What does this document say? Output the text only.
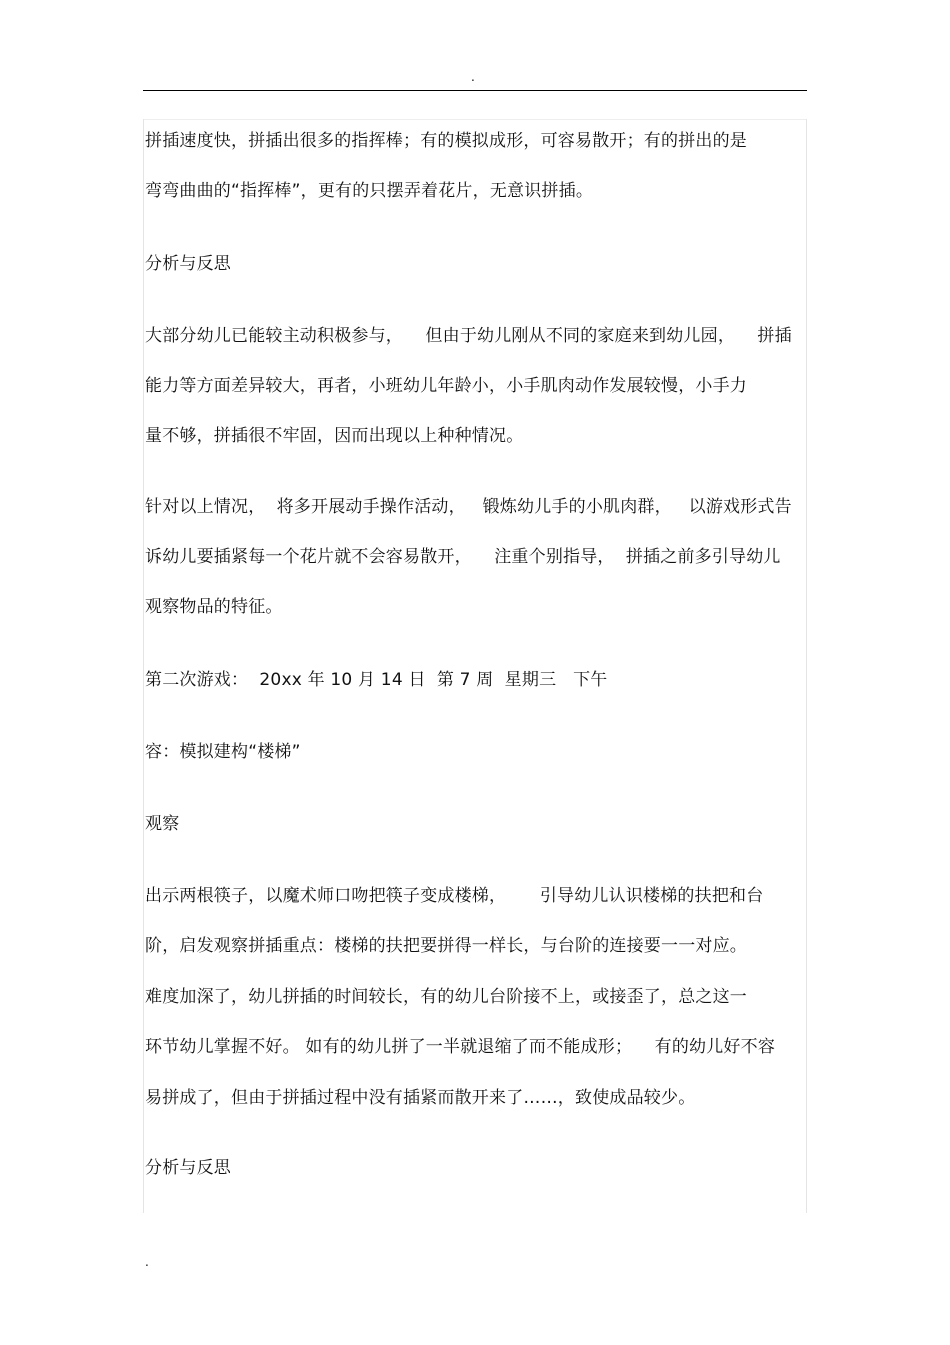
.
拼插速度快，拼插出很多的指挥棒；有的模拟成形，可容易散开；有的拼出的是
弯弯曲曲的“指挥棒”，更有的只摆弄着花片，无意识拼插。
分析与反思
大部分幼儿已能较主动积极参与，    但由于幼儿刚从不同的家庭来到幼儿园，    拼插
能力等方面差异较大，再者，小班幼儿年龄小，小手肌肉动作发展较慢，小手力
量不够，拼插很不牢固，因而出现以上种种情况。
针对以上情况，  将多开展动手操作活动，   锻炼幼儿手的小肌肉群，   以游戏形式告
诉幼儿要插紧每一个花片就不会容易散开，    注重个别指导，  拼插之前多引导幼儿
观察物品的特征。
第二次游戏：  20xx 年 10 月 14 日  第 7 周  星期三   下午
容：模拟建构“楼梯”
观察
出示两根筷子，以魔术师口吻把筷子变成楼梯，      引导幼儿认识楼梯的扶把和台
阶，启发观察拼插重点：楼梯的扶把要拼得一样长，与台阶的连接要一一对应。
难度加深了，幼儿拼插的时间较长，有的幼儿台阶接不上，或接歪了，总之这一
环节幼儿掌握不好。 如有的幼儿拼了一半就退缩了而不能成形；    有的幼儿好不容
易拼成了，但由于拼插过程中没有插紧而散开来了……，致使成品较少。
分析与反思
.
